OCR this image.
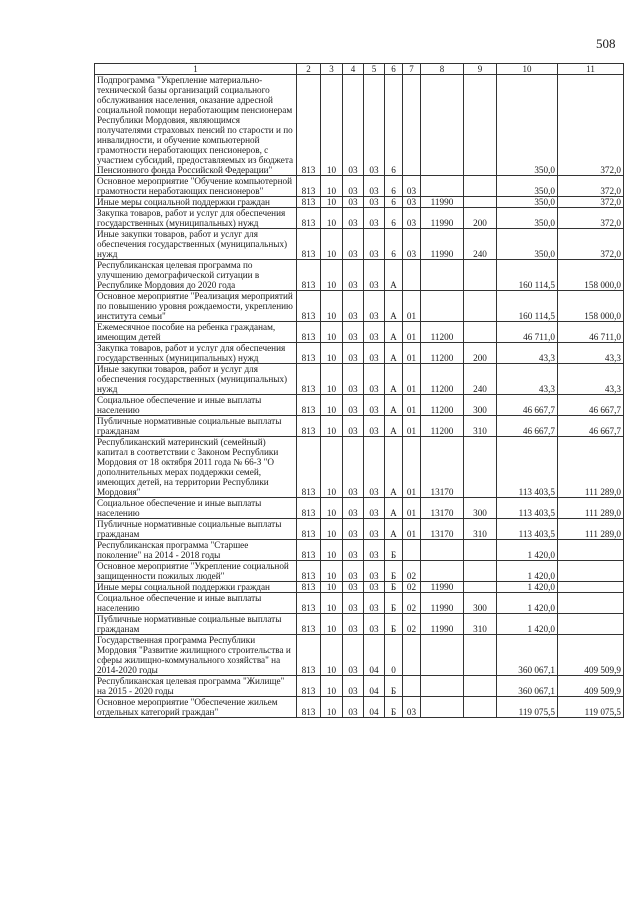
508
1	2	3	4	5	6	7	8	9	10	11
Подпрограмма "Укрепление материально-технической базы организаций социального обслуживания населения, оказание адресной социальной помощи неработающим пенсионерам Республики Мордовия, являющимся получателями страховых пенсий по старости и по инвалидности, и обучение компьютерной грамотности неработающих пенсионеров, с участием субсидий, предоставляемых из бюджета Пенсионного фонда Российской Федерации"	813	10	03	03	6				350,0	372,0
Основное мероприятие "Обучение компьютерной грамотности неработающих пенсионеров"	813	10	03	03	6	03			350,0	372,0
Иные меры социальной поддержки граждан	813	10	03	03	6	03	11990		350,0	372,0
Закупка товаров, работ и услуг для обеспечения государственных (муниципальных) нужд	813	10	03	03	6	03	11990	200	350,0	372,0
Иные закупки товаров, работ и услуг для обеспечения государственных (муниципальных) нужд	813	10	03	03	6	03	11990	240	350,0	372,0
Республиканская целевая программа по улучшению демографической ситуации в Республике Мордовия до 2020 года	813	10	03	03	А				160 114,5	158 000,0
Основное мероприятие "Реализация мероприятий по повышению уровня рождаемости, укреплению института семьи"	813	10	03	03	А	01			160 114,5	158 000,0
Ежемесячное пособие на ребенка гражданам, имеющим детей	813	10	03	03	А	01	11200		46 711,0	46 711,0
Закупка товаров, работ и услуг для обеспечения государственных (муниципальных) нужд	813	10	03	03	А	01	11200	200	43,3	43,3
Иные закупки товаров, работ и услуг для обеспечения государственных (муниципальных) нужд	813	10	03	03	А	01	11200	240	43,3	43,3
Социальное обеспечение и иные выплаты населению	813	10	03	03	А	01	11200	300	46 667,7	46 667,7
Публичные нормативные социальные выплаты гражданам	813	10	03	03	А	01	11200	310	46 667,7	46 667,7
Республиканский материнский (семейный) капитал в соответствии с Законом Республики Мордовия от 18 октября 2011 года № 66-З "О дополнительных мерах поддержки семей, имеющих детей, на территории Республики Мордовия"	813	10	03	03	А	01	13170		113 403,5	111 289,0
Социальное обеспечение и иные выплаты населению	813	10	03	03	А	01	13170	300	113 403,5	111 289,0
Публичные нормативные социальные выплаты гражданам	813	10	03	03	А	01	13170	310	113 403,5	111 289,0
Республиканская программа "Старшее поколение" на 2014 - 2018 годы	813	10	03	03	Б				1 420,0	
Основное мероприятие "Укрепление социальной защищенности пожилых людей"	813	10	03	03	Б	02			1 420,0	
Иные меры социальной поддержки граждан	813	10	03	03	Б	02	11990		1 420,0	
Социальное обеспечение и иные выплаты населению	813	10	03	03	Б	02	11990	300	1 420,0	
Публичные нормативные социальные выплаты гражданам	813	10	03	03	Б	02	11990	310	1 420,0	
Государственная программа Республики Мордовия "Развитие жилищного строительства и сферы жилищно-коммунального хозяйства" на 2014-2020 годы	813	10	03	04	0				360 067,1	409 509,9
Республиканская целевая программа "Жилище" на 2015 - 2020 годы	813	10	03	04	Б				360 067,1	409 509,9
Основное мероприятие "Обеспечение жильем отдельных категорий граждан"	813	10	03	04	Б	03			119 075,5	119 075,5
